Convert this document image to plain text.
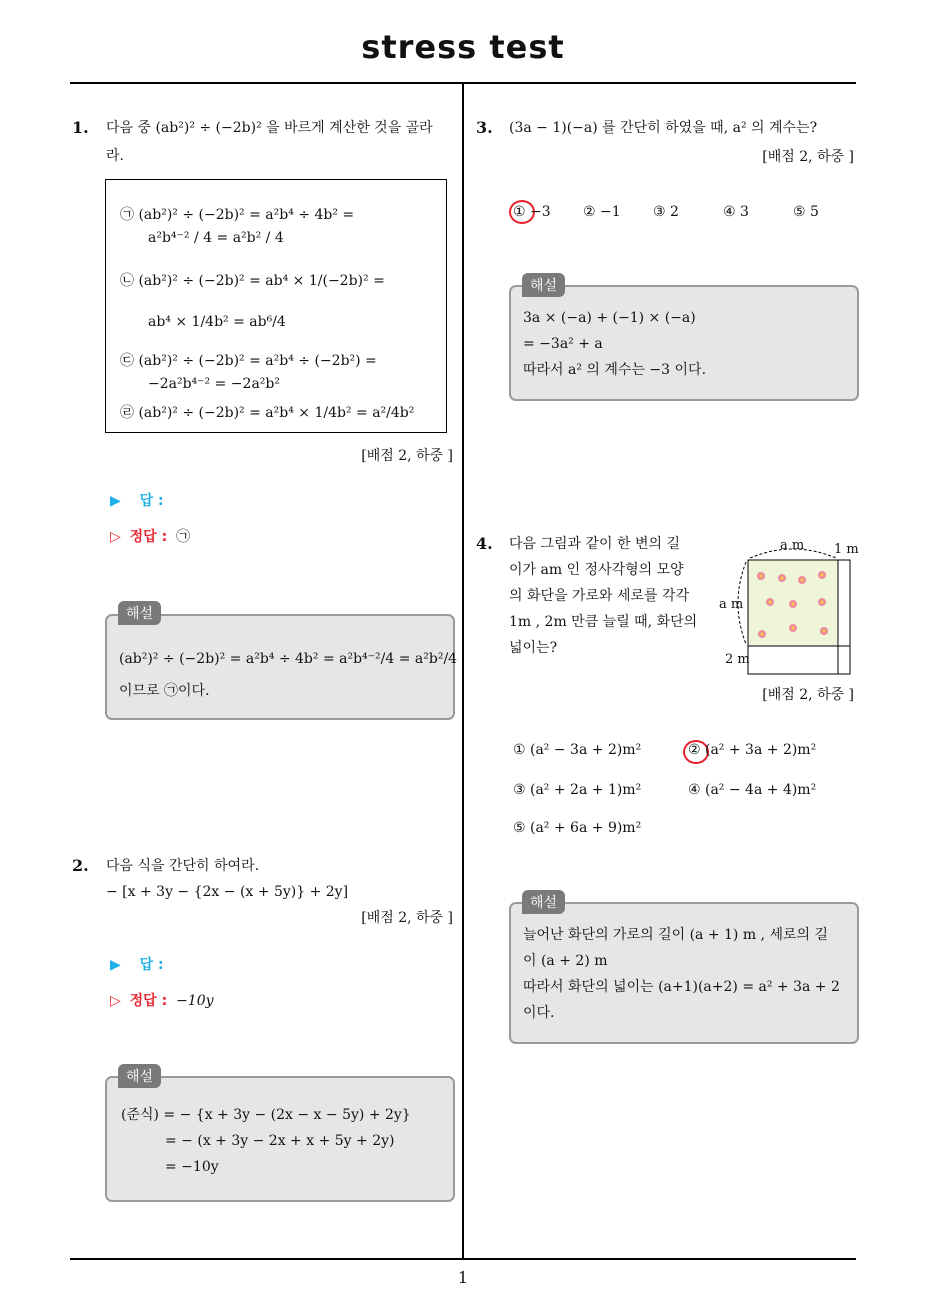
stress test
1. 다음 중 (ab²)² ÷ (−2b)² 을 바르게 계산한 것을 골라
라.
㉠ (ab²)² ÷ (−2b)² = a²b⁴ ÷ 4b² =
a²b⁴⁻² / 4 = a²b² / 4
㉡ (ab²)² ÷ (−2b)² = ab⁴ × 1/(−2b)² =
ab⁴ × 1/4b² = ab⁶/4
㉢ (ab²)² ÷ (−2b)² = a²b⁴ ÷ (−2b²) =
−2a²b⁴⁻² = −2a²b²
㉣ (ab²)² ÷ (−2b)² = a²b⁴ × 1/4b² = a²/4b²
[배점 2, 하중 ]
▶ 답 :
▷ 정답 : ㉠
(ab²)² ÷ (−2b)² = a²b⁴ ÷ 4b² = a²b⁴⁻²/4 = a²b²/4
이므로 ㉠이다.
해설
2. 다음 식을 간단히 하여라.
− [x + 3y − {2x − (x + 5y)} + 2y]
[배점 2, 하중 ]
▶ 답 :
▷ 정답 : −10y
(준식) = − {x + 3y − (2x − x − 5y) + 2y}
= − (x + 3y − 2x + x + 5y + 2y)
= −10y
해설
3. (3a − 1)(−a) 를 간단히 하였을 때, a² 의 계수는?
[배점 2, 하중 ]
① −3 ② −1 ③ 2	④ 3	⑤ 5
3a × (−a) + (−1) × (−a)
= −3a² + a
따라서 a² 의 계수는 −3 이다.
해설
4. 다음 그림과 같이 한 변의 길
이가 am 인 정사각형의 모양
의 화단을 가로와 세로를 각각
1m , 2m 만큼 늘릴 때, 화단의
넓이는?
a m 1 m
a m
2 m
[배점 2, 하중 ]
① (a² − 3a + 2)m²	② (a² + 3a + 2)m²
③ (a² + 2a + 1)m²	④ (a² − 4a + 4)m²
⑤ (a² + 6a + 9)m²
늘어난 화단의 가로의 길이 (a + 1) m , 세로의 길
이 (a + 2) m
따라서 화단의 넓이는 (a+1)(a+2) = a² + 3a + 2
이다.
해설
1
